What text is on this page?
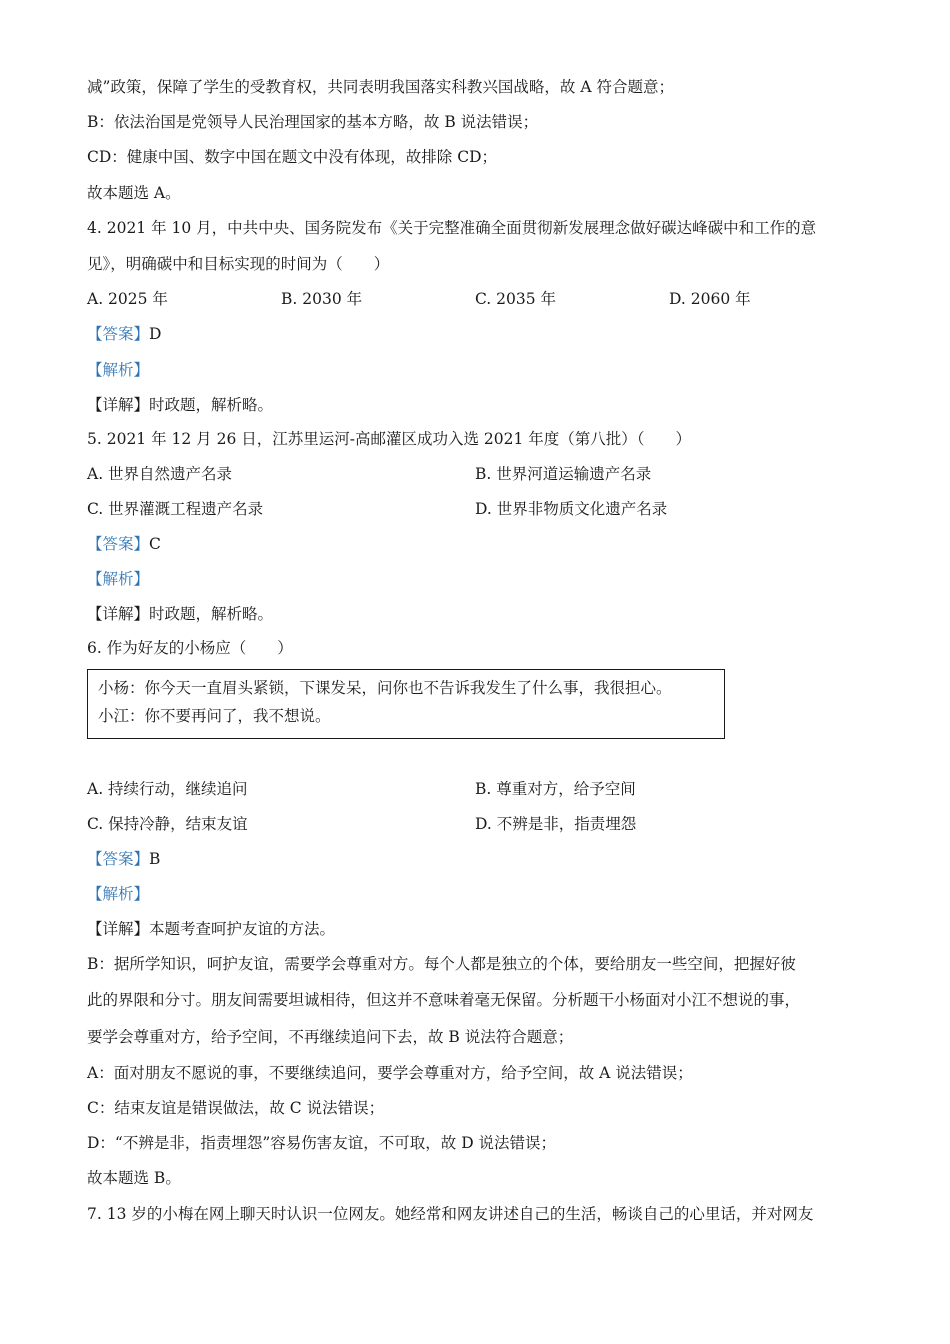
减”政策，保障了学生的受教育权，共同表明我国落实科教兴国战略，故 A 符合题意；
B：依法治国是党领导人民治理国家的基本方略，故 B 说法错误；
CD：健康中国、数字中国在题文中没有体现，故排除 CD；
故本题选 A。
4. 2021 年 10 月，中共中央、国务院发布《关于完整准确全面贯彻新发展理念做好碳达峰碳中和工作的意
见》，明确碳中和目标实现的时间为（　　）
A. 2025 年	B. 2030 年	C. 2035 年	D. 2060 年
【答案】D
【解析】
【详解】时政题，解析略。
5. 2021 年 12 月 26 日，江苏里运河-高邮灌区成功入选 2021 年度（第八批）（　　）
A. 世界自然遗产名录	B. 世界河道运输遗产名录
C. 世界灌溉工程遗产名录	D. 世界非物质文化遗产名录
【答案】C
【解析】
【详解】时政题，解析略。
6. 作为好友的小杨应（　　）
小杨：你今天一直眉头紧锁，下课发呆，问你也不告诉我发生了什么事，我很担心。
小江：你不要再问了，我不想说。
A. 持续行动，继续追问	B. 尊重对方，给予空间
C. 保持冷静，结束友谊	D. 不辨是非，指责埋怨
【答案】B
【解析】
【详解】本题考查呵护友谊的方法。
B：据所学知识，呵护友谊，需要学会尊重对方。每个人都是独立的个体，要给朋友一些空间，把握好彼
此的界限和分寸。朋友间需要坦诚相待，但这并不意味着毫无保留。分析题干小杨面对小江不想说的事，
要学会尊重对方，给予空间，不再继续追问下去，故 B 说法符合题意；
A：面对朋友不愿说的事，不要继续追问，要学会尊重对方，给予空间，故 A 说法错误；
C：结束友谊是错误做法，故 C 说法错误；
D：“不辨是非，指责埋怨”容易伤害友谊，不可取，故 D 说法错误；
故本题选 B。
7. 13 岁的小梅在网上聊天时认识一位网友。她经常和网友讲述自己的生活，畅谈自己的心里话，并对网友
